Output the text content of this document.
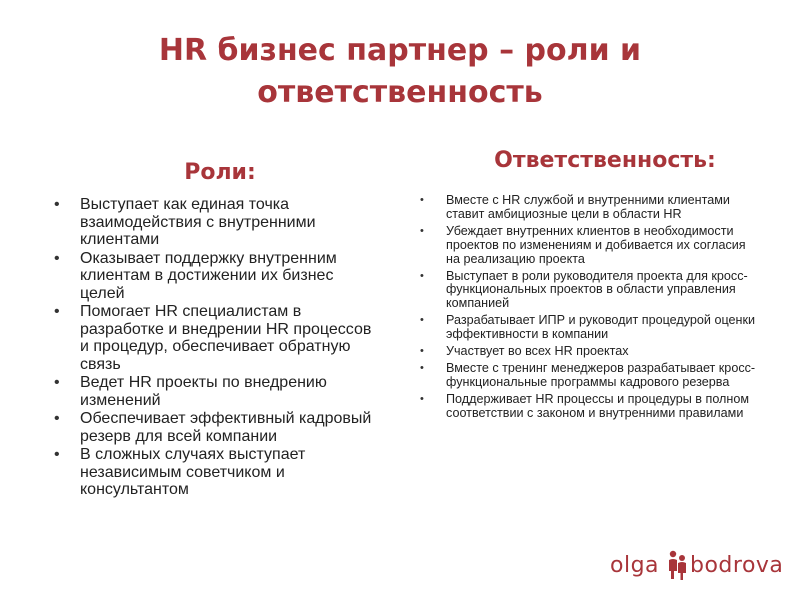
HR бизнес партнер – роли и
ответственность
Роли:
• Выступает как единая точка взаимодействия с внутренними клиентами
• Оказывает поддержку внутренним клиентам в достижении их бизнес целей
• Помогает HR специалистам в разработке и внедрении HR процессов и процедур, обеспечивает обратную связь
• Ведет HR проекты по внедрению изменений
• Обеспечивает эффективный кадровый резерв для всей компании
• В сложных случаях выступает независимым советчиком и консультантом
Ответственность:
• Вместе с HR службой и внутренними клиентами ставит амбициозные цели в области HR
• Убеждает внутренних клиентов в необходимости проектов по изменениям и добивается их согласия на реализацию проекта
• Выступает в роли руководителя проекта для кросс-функциональных проектов в области управления компанией
• Разрабатывает ИПР и руководит процедурой оценки эффективности в компании
• Участвует во всех HR проектах
• Вместе с тренинг менеджеров разрабатывает кросс-функциональные программы кадрового резерва
• Поддерживает HR процессы и процедуры в полном соответствии с законом и внутренними правилами
olga bodrova
